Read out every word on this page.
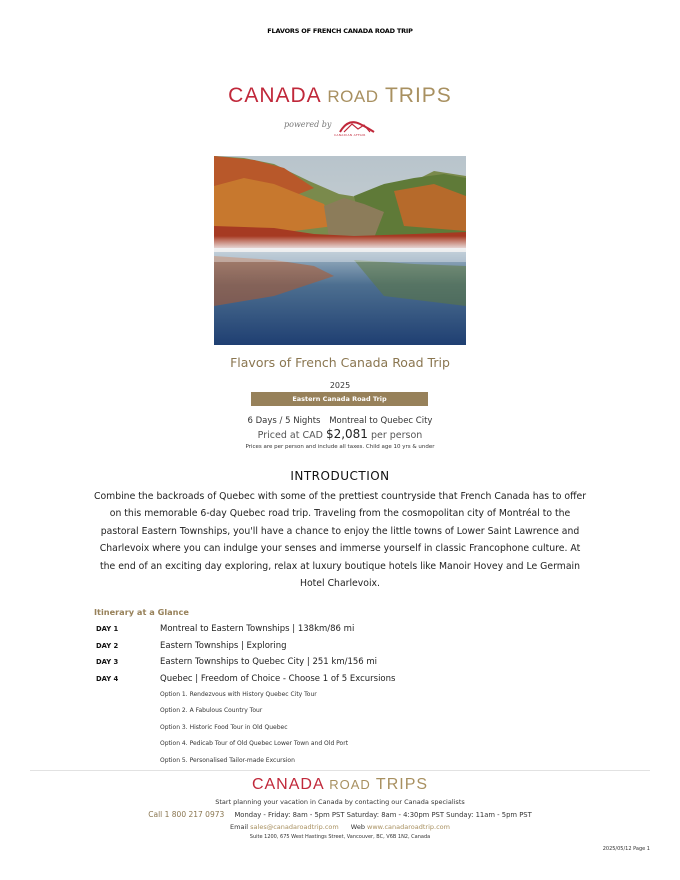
FLAVORS OF FRENCH CANADA ROAD TRIP
CANADA ROAD TRIPS
powered by
CANADIAN AFFAIR
Flavors of French Canada Road Trip
2025
Eastern Canada Road Trip
6 Days / 5 Nights Montreal to Quebec City
Priced at CAD $2,081 per person
Prices are per person and include all taxes. Child age 10 yrs & under
INTRODUCTION
Combine the backroads of Quebec with some of the prettiest countryside that French Canada has to offer on this memorable 6-day Quebec road trip. Traveling from the cosmopolitan city of Montréal to the pastoral Eastern Townships, you'll have a chance to enjoy the little towns of Lower Saint Lawrence and Charlevoix where you can indulge your senses and immerse yourself in classic Francophone culture. At the end of an exciting day exploring, relax at luxury boutique hotels like Manoir Hovey and Le Germain Hotel Charlevoix.
Itinerary at a Glance
DAY 1	Montreal to Eastern Townships | 138km/86 mi
DAY 2	Eastern Townships | Exploring
DAY 3	Eastern Townships to Quebec City | 251 km/156 mi
DAY 4	Quebec | Freedom of Choice - Choose 1 of 5 Excursions
Option 1. Rendezvous with History Quebec City Tour
Option 2. A Fabulous Country Tour
Option 3. Historic Food Tour in Old Quebec
Option 4. Pedicab Tour of Old Quebec Lower Town and Old Port
Option 5. Personalised Tailor-made Excursion
CANADA ROAD TRIPS
Start planning your vacation in Canada by contacting our Canada specialists
Call 1 800 217 0973 Monday - Friday: 8am - 5pm PST Saturday: 8am - 4:30pm PST Sunday: 11am - 5pm PST
Email sales@canadaroadtrip.com Web www.canadaroadtrip.com
Suite 1200, 675 West Hastings Street, Vancouver, BC, V6B 1N2, Canada
2025/05/12 Page 1
